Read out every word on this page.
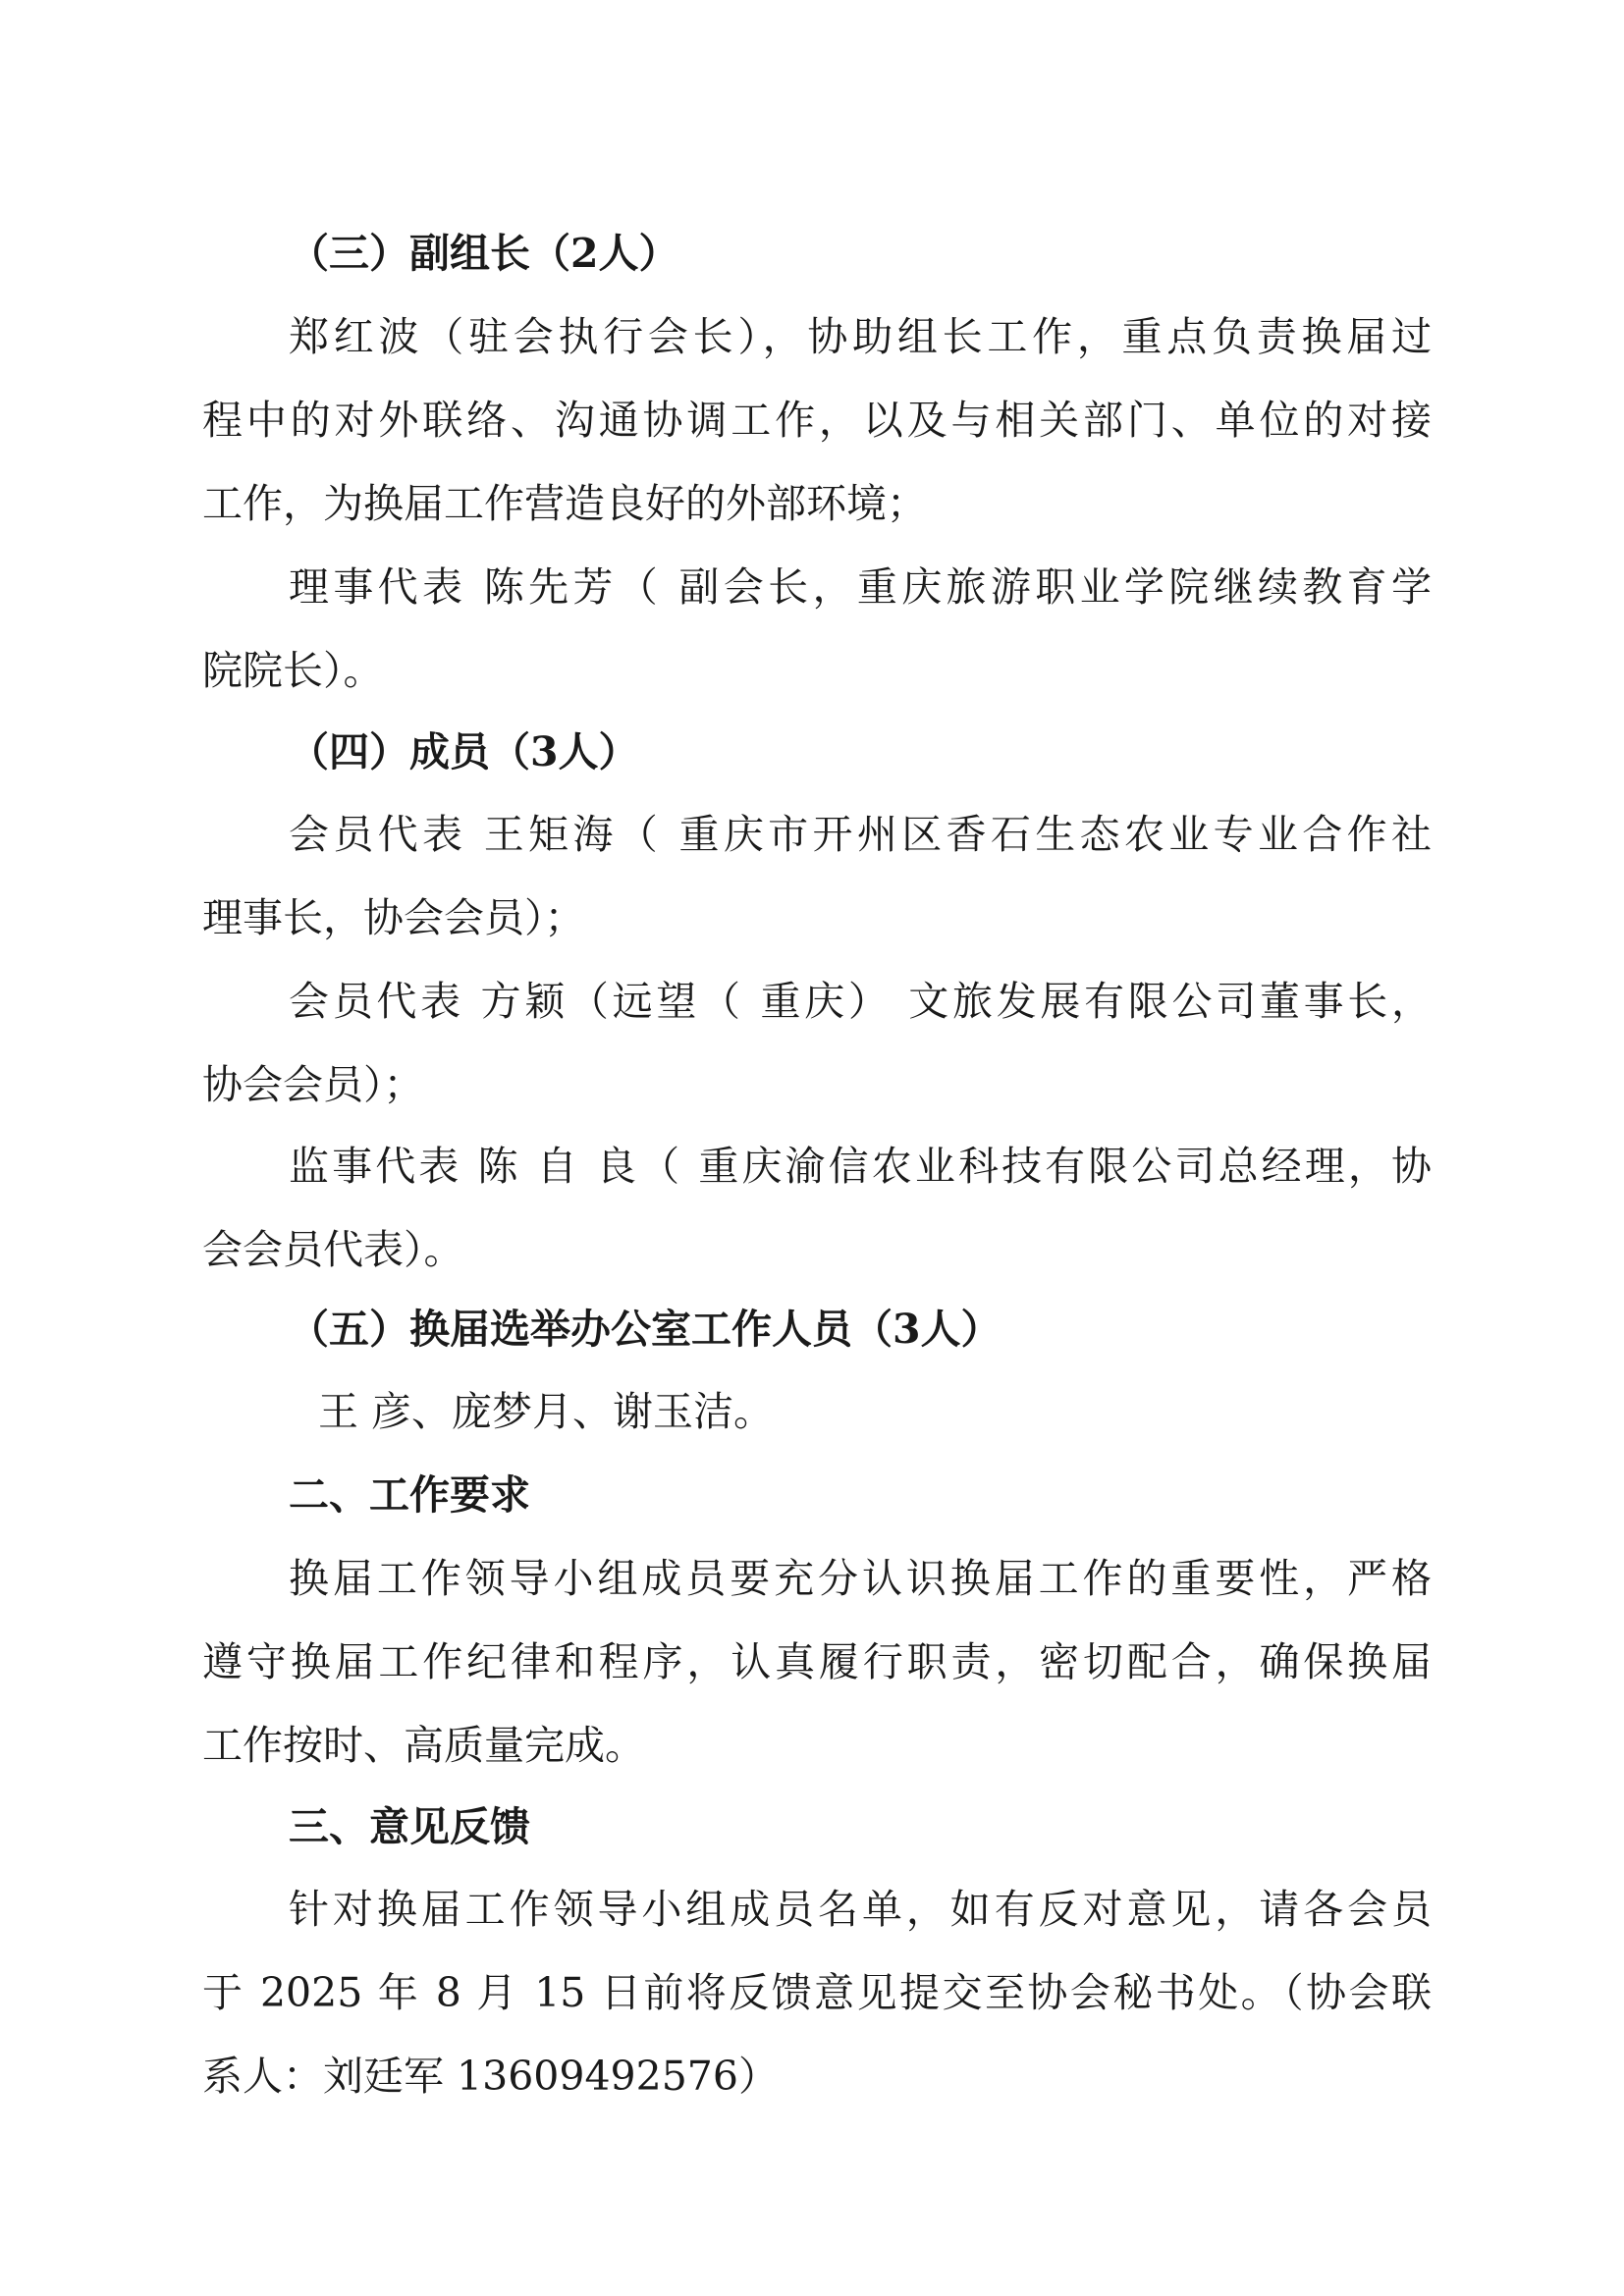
（三）副组长（2人）
郑红波（驻会执行会长），协助组长工作，重点负责换届过
程中的对外联络、沟通协调工作，以及与相关部门、单位的对接
工作，为换届工作营造良好的外部环境；
理事代表 陈先芳（ 副会长，重庆旅游职业学院继续教育学
院院长）。
（四）成员（3人）
会员代表 王矩海（ 重庆市开州区香石生态农业专业合作社
理事长，协会会员）；
会员代表 方颖（远望（ 重庆） 文旅发展有限公司董事长，
协会会员）；
监事代表 陈 自 良（ 重庆渝信农业科技有限公司总经理，协
会会员代表）。
（五）换届选举办公室工作人员（3人）
王 彦、庞梦月、谢玉洁。
二、工作要求
换届工作领导小组成员要充分认识换届工作的重要性，严格
遵守换届工作纪律和程序，认真履行职责，密切配合，确保换届
工作按时、高质量完成。
三、意见反馈
针对换届工作领导小组成员名单，如有反对意见，请各会员
于 2025 年 8 月 15 日前将反馈意见提交至协会秘书处。（协会联
系人：刘廷军 13609492576）
